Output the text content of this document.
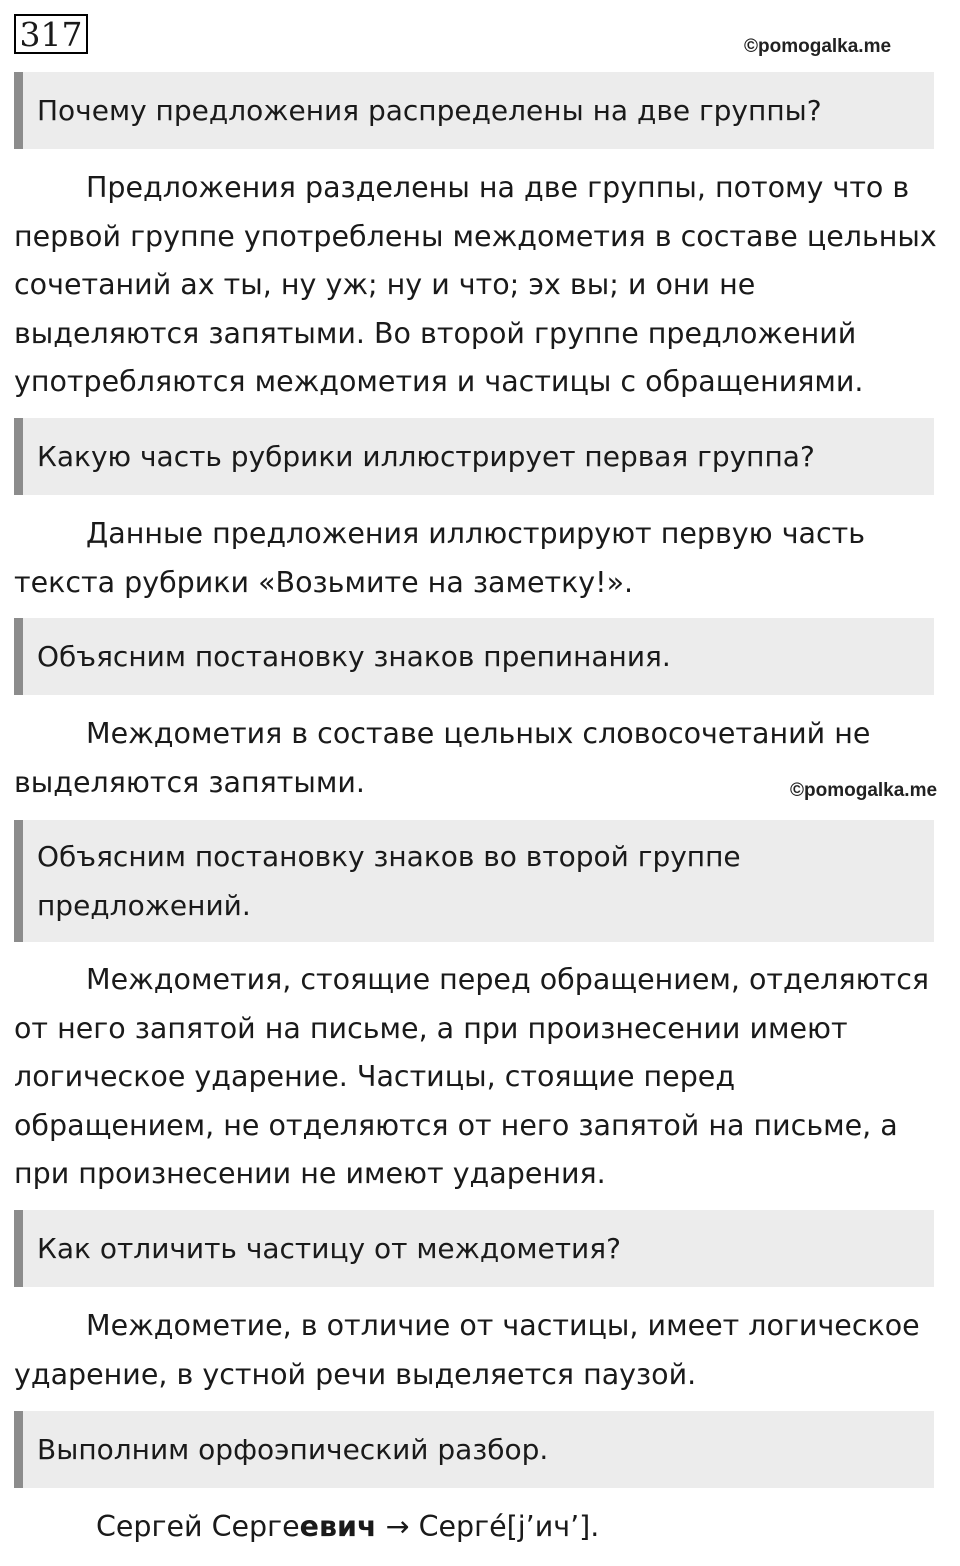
317	©pomogalka.me
Почему предложения распределены на две группы?

Предложения разделены на две группы, потому что в первой группе употреблены междометия в составе цельных сочетаний ах ты, ну уж; ну и что; эх вы; и они не выделяются запятыми. Во второй группе предложений употребляются междометия и частицы с обращениями.

Какую часть рубрики иллюстрирует первая группа?

Данные предложения иллюстрируют первую часть текста рубрики «Возьмите на заметку!».

Объясним постановку знаков препинания.

Междометия в составе цельных словосочетаний не выделяются запятыми.	©pomogalka.me
Объясним постановку знаков во второй группе предложений.

Междометия, стоящие перед обращением, отделяются от него запятой на письме, а при произнесении имеют логическое ударение. Частицы, стоящие перед обращением, не отделяются от него запятой на письме, а при произнесении не имеют ударения.

Как отличить частицу от междометия?

Междометие, в отличие от частицы, имеет логическое ударение, в устной речи выделяется паузой.

Выполним орфоэпический разбор.
Сергей Сергеевич → Серге́[j’ич’].
